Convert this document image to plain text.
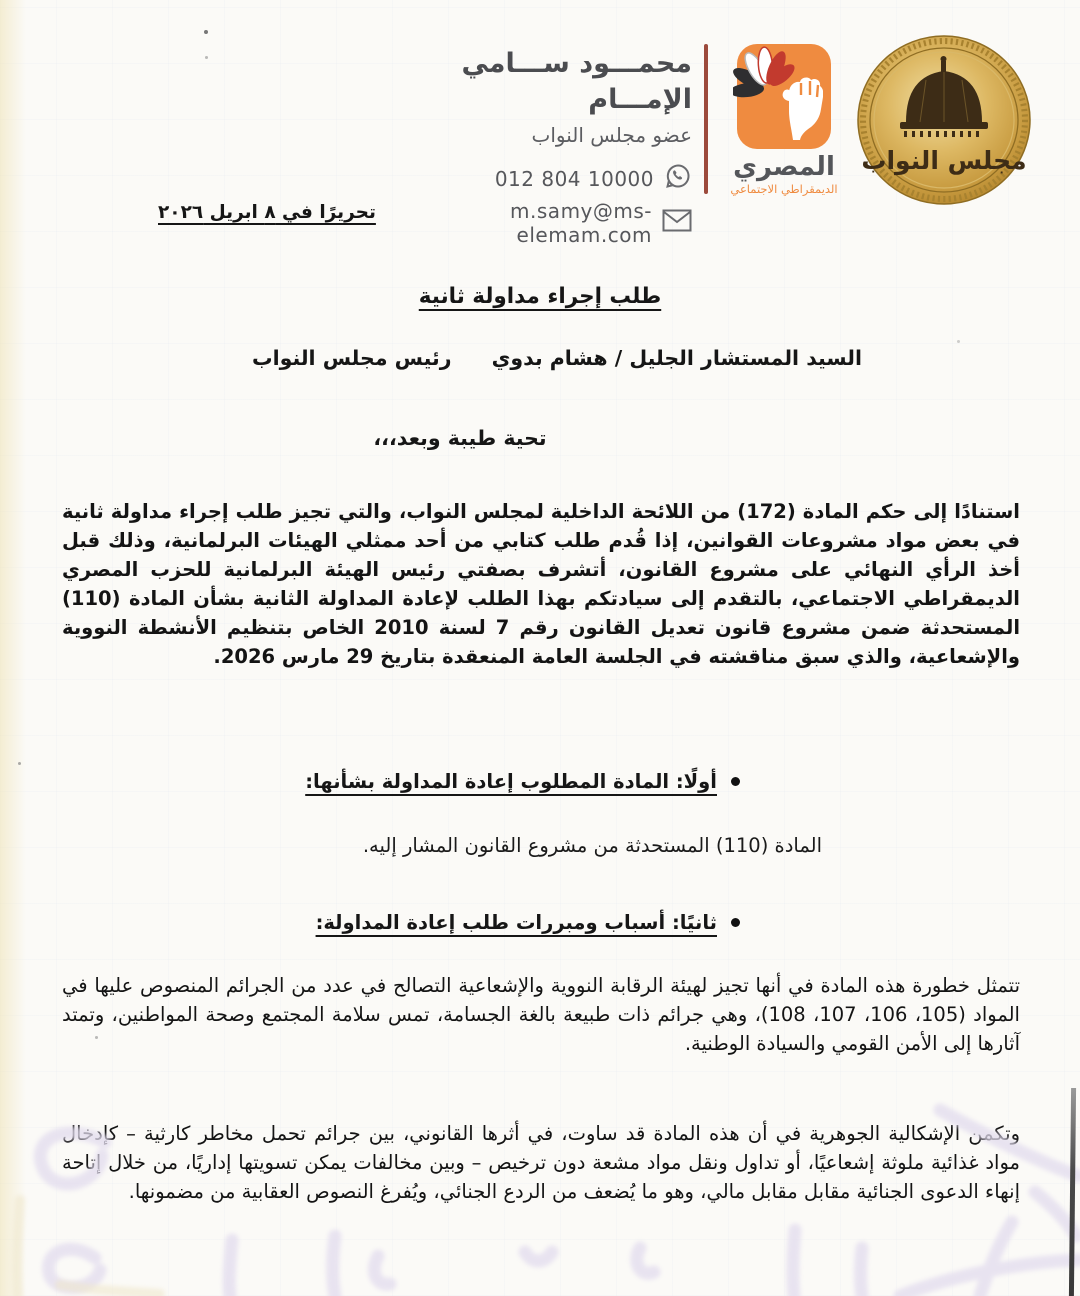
محمـــود ســـامي الإمـــام
عضو مجلس النواب
012 804 10000
m.samy@ms-elemam.com
المصري
الديمقراطي الاجتماعي
مجلس النواب
تحريرًا في ٨ ابريل ٢٠٢٦
طلب إجراء مداولة ثانية
السيد المستشار الجليل / هشام بدوي
رئيس مجلس النواب
تحية طيبة وبعد،،،
استنادًا إلى حكم المادة (172) من اللائحة الداخلية لمجلس النواب، والتي تجيز طلب إجراء مداولة ثانية في بعض مواد مشروعات القوانين، إذا قُدم طلب كتابي من أحد ممثلي الهيئات البرلمانية، وذلك قبل أخذ الرأي النهائي على مشروع القانون، أتشرف بصفتي رئيس الهيئة البرلمانية للحزب المصري الديمقراطي الاجتماعي، بالتقدم إلى سيادتكم بهذا الطلب لإعادة المداولة الثانية بشأن المادة (110) المستحدثة ضمن مشروع قانون تعديل القانون رقم 7 لسنة 2010 الخاص بتنظيم الأنشطة النووية والإشعاعية، والذي سبق مناقشته في الجلسة العامة المنعقدة بتاريخ 29 مارس 2026.
أولًا: المادة المطلوب إعادة المداولة بشأنها:
المادة (110) المستحدثة من مشروع القانون المشار إليه.
ثانيًا: أسباب ومبررات طلب إعادة المداولة:
تتمثل خطورة هذه المادة في أنها تجيز لهيئة الرقابة النووية والإشعاعية التصالح في عدد من الجرائم المنصوص عليها في المواد (105، 106، 107، 108)، وهي جرائم ذات طبيعة بالغة الجسامة، تمس سلامة المجتمع وصحة المواطنين، وتمتد آثارها إلى الأمن القومي والسيادة الوطنية.
وتكمن الإشكالية الجوهرية في أن هذه المادة قد ساوت، في أثرها القانوني، بين جرائم تحمل مخاطر كارثية – كإدخال مواد غذائية ملوثة إشعاعيًا، أو تداول ونقل مواد مشعة دون ترخيص – وبين مخالفات يمكن تسويتها إداريًا، من خلال إتاحة إنهاء الدعوى الجنائية مقابل مقابل مالي، وهو ما يُضعف من الردع الجنائي، ويُفرغ النصوص العقابية من مضمونها.
